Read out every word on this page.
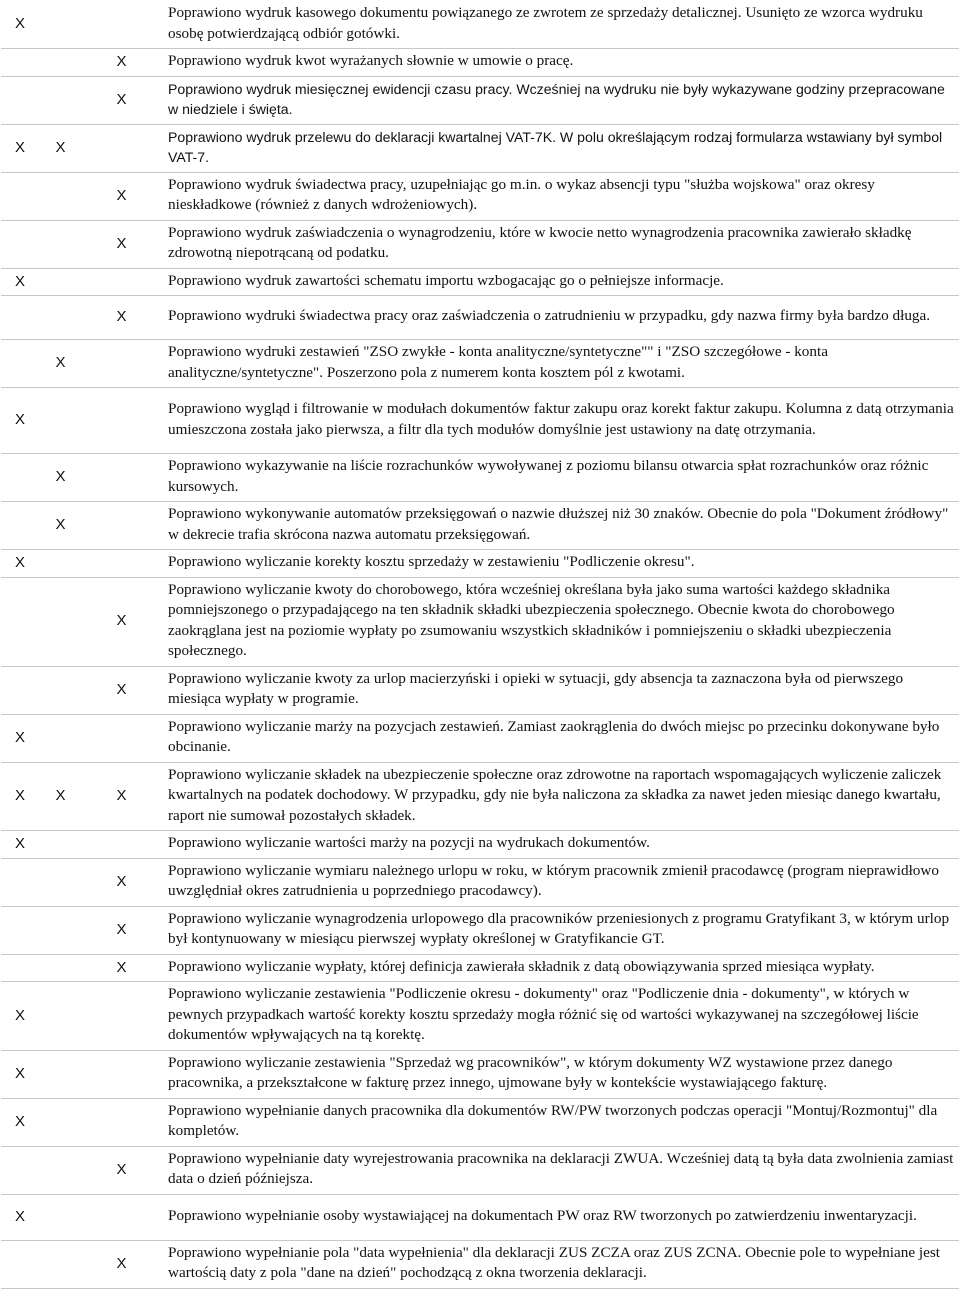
X			Poprawiono wydruk kasowego dokumentu powiązanego ze zwrotem ze sprzedaży detalicznej. Usunięto ze wzorca wydruku osobę potwierdzającą odbiór gotówki.
		X	Poprawiono wydruk kwot wyrażanych słownie w umowie o pracę.
		X	Poprawiono wydruk miesięcznej ewidencji czasu pracy. Wcześniej na wydruku nie były wykazywane godziny przepracowane w niedziele i święta.
X	X		Poprawiono wydruk przelewu do deklaracji kwartalnej VAT-7K. W polu określającym rodzaj formularza wstawiany był symbol VAT-7.
		X	Poprawiono wydruk świadectwa pracy, uzupełniając go m.in. o wykaz absencji typu "służba wojskowa" oraz okresy nieskładkowe (również z danych wdrożeniowych).
		X	Poprawiono wydruk zaświadczenia o wynagrodzeniu, które w kwocie netto wynagrodzenia pracownika zawierało składkę zdrowotną niepotrącaną od podatku.
X			Poprawiono wydruk zawartości schematu importu wzbogacając go o pełniejsze informacje.
		X	Poprawiono wydruki świadectwa pracy oraz zaświadczenia o zatrudnieniu w przypadku, gdy nazwa firmy była bardzo długa.
	X		Poprawiono wydruki zestawień "ZSO zwykłe - konta analityczne/syntetyczne"" i "ZSO szczegółowe - konta analityczne/syntetyczne". Poszerzono pola z numerem konta kosztem pól z kwotami.
X			Poprawiono wygląd i filtrowanie w modułach dokumentów faktur zakupu oraz korekt faktur zakupu. Kolumna z datą otrzymania umieszczona została jako pierwsza, a filtr dla tych modułów domyślnie jest ustawiony na datę otrzymania.
	X		Poprawiono wykazywanie na liście rozrachunków wywoływanej z poziomu bilansu otwarcia spłat rozrachunków oraz różnic kursowych.
	X		Poprawiono wykonywanie automatów przeksięgowań o nazwie dłuższej niż 30 znaków. Obecnie do pola "Dokument źródłowy" w dekrecie trafia skrócona nazwa automatu przeksięgowań.
X			Poprawiono wyliczanie korekty kosztu sprzedaży w zestawieniu "Podliczenie okresu".
		X	Poprawiono wyliczanie kwoty do chorobowego, która wcześniej określana była jako suma wartości każdego składnika pomniejszonego o przypadającego na ten składnik składki ubezpieczenia społecznego. Obecnie kwota do chorobowego zaokrąglana jest na poziomie wypłaty po zsumowaniu wszystkich składników i pomniejszeniu o składki ubezpieczenia społecznego.
		X	Poprawiono wyliczanie kwoty za urlop macierzyński i opieki w sytuacji, gdy absencja ta zaznaczona była od pierwszego miesiąca wypłaty w programie.
X			Poprawiono wyliczanie marży na pozycjach zestawień. Zamiast zaokrąglenia do dwóch miejsc po przecinku dokonywane było obcinanie.
X	X	X	Poprawiono wyliczanie składek na ubezpieczenie społeczne oraz zdrowotne na raportach wspomagających wyliczenie zaliczek kwartalnych na podatek dochodowy. W przypadku, gdy nie była naliczona za składka za nawet jeden miesiąc danego kwartału, raport nie sumował pozostałych składek.
X			Poprawiono wyliczanie wartości marży na pozycji na wydrukach dokumentów.
		X	Poprawiono wyliczanie wymiaru należnego urlopu w roku, w którym pracownik zmienił pracodawcę (program nieprawidłowo uwzględniał okres zatrudnienia u poprzedniego pracodawcy).
		X	Poprawiono wyliczanie wynagrodzenia urlopowego dla pracowników przeniesionych z programu Gratyfikant 3, w którym urlop był kontynuowany w miesiącu pierwszej wypłaty określonej w Gratyfikancie GT.
		X	Poprawiono wyliczanie wypłaty, której definicja zawierała składnik z datą obowiązywania sprzed miesiąca wypłaty.
X			Poprawiono wyliczanie zestawienia "Podliczenie okresu - dokumenty" oraz "Podliczenie dnia - dokumenty", w których w pewnych przypadkach wartość korekty kosztu sprzedaży mogła różnić się od wartości wykazywanej na szczegółowej liście dokumentów wpływających na tą korektę.
X			Poprawiono wyliczanie zestawienia "Sprzedaż wg pracowników", w którym dokumenty WZ wystawione przez danego pracownika, a przekształcone w fakturę przez innego, ujmowane były w kontekście wystawiającego fakturę.
X			Poprawiono wypełnianie danych pracownika dla dokumentów RW/PW tworzonych podczas operacji "Montuj/Rozmontuj" dla kompletów.
		X	Poprawiono wypełnianie daty wyrejestrowania pracownika na deklaracji ZWUA. Wcześniej datą tą była data zwolnienia zamiast data o dzień późniejsza.
X			Poprawiono wypełnianie osoby wystawiającej na dokumentach PW oraz RW tworzonych po zatwierdzeniu inwentaryzacji.
		X	Poprawiono wypełnianie pola "data wypełnienia" dla deklaracji ZUS ZCZA oraz ZUS ZCNA. Obecnie pole to wypełniane jest wartością daty z pola "dane na dzień" pochodzącą z okna tworzenia deklaracji.
